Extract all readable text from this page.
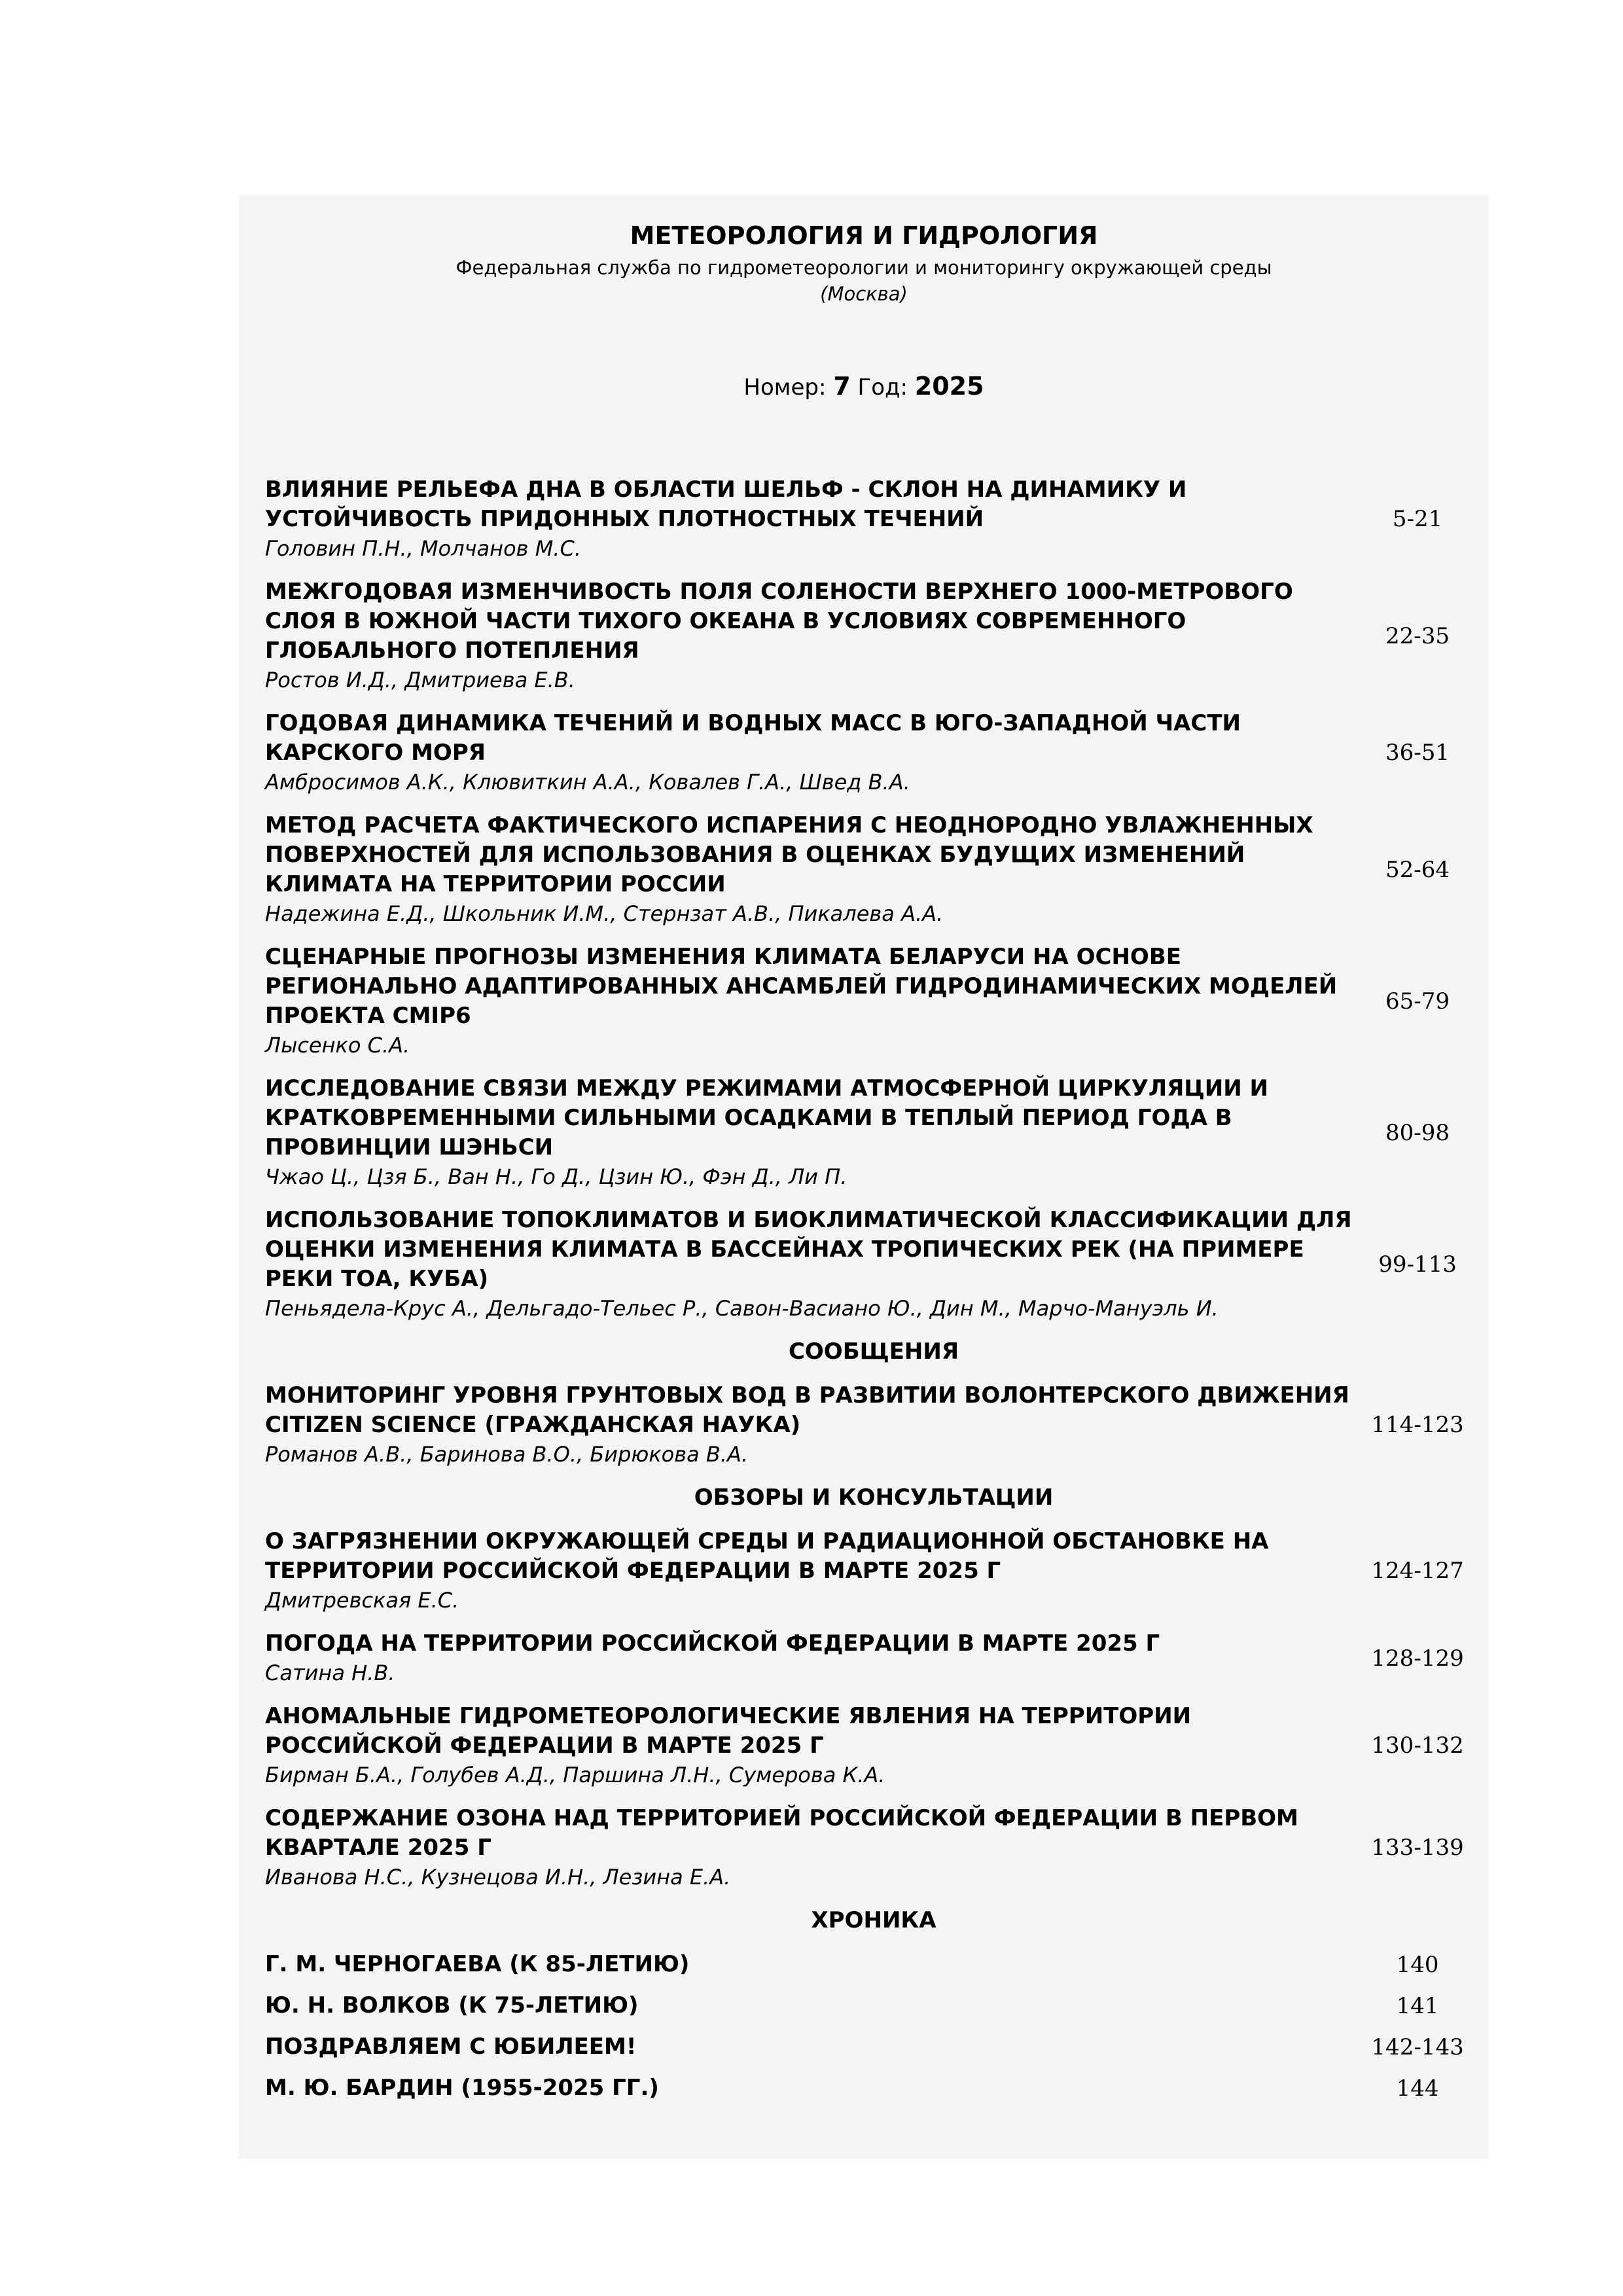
МЕТЕОРОЛОГИЯ И ГИДРОЛОГИЯ
Федеральная служба по гидрометеорологии и мониторингу окружающей среды
(Москва)
Номер: 7 Год: 2025
ВЛИЯНИЕ РЕЛЬЕФА ДНА В ОБЛАСТИ ШЕЛЬФ - СКЛОН НА ДИНАМИКУ И УСТОЙЧИВОСТЬ ПРИДОННЫХ ПЛОТНОСТНЫХ ТЕЧЕНИЙ
Головин П.Н., Молчанов М.С.
5-21
МЕЖГОДОВАЯ ИЗМЕНЧИВОСТЬ ПОЛЯ СОЛЕНОСТИ ВЕРХНЕГО 1000-МЕТРОВОГО СЛОЯ В ЮЖНОЙ ЧАСТИ ТИХОГО ОКЕАНА В УСЛОВИЯХ СОВРЕМЕННОГО ГЛОБАЛЬНОГО ПОТЕПЛЕНИЯ
Ростов И.Д., Дмитриева Е.В.
22-35
ГОДОВАЯ ДИНАМИКА ТЕЧЕНИЙ И ВОДНЫХ МАСС В ЮГО-ЗАПАДНОЙ ЧАСТИ КАРСКОГО МОРЯ
Амбросимов А.К., Клювиткин А.А., Ковалев Г.А., Швед В.А.
36-51
МЕТОД РАСЧЕТА ФАКТИЧЕСКОГО ИСПАРЕНИЯ С НЕОДНОРОДНО УВЛАЖНЕННЫХ ПОВЕРХНОСТЕЙ ДЛЯ ИСПОЛЬЗОВАНИЯ В ОЦЕНКАХ БУДУЩИХ ИЗМЕНЕНИЙ КЛИМАТА НА ТЕРРИТОРИИ РОССИИ
Надежина Е.Д., Школьник И.М., Стернзат А.В., Пикалева А.А.
52-64
СЦЕНАРНЫЕ ПРОГНОЗЫ ИЗМЕНЕНИЯ КЛИМАТА БЕЛАРУСИ НА ОСНОВЕ РЕГИОНАЛЬНО АДАПТИРОВАННЫХ АНСАМБЛЕЙ ГИДРОДИНАМИЧЕСКИХ МОДЕЛЕЙ ПРОЕКТА CMIP6
Лысенко С.А.
65-79
ИССЛЕДОВАНИЕ СВЯЗИ МЕЖДУ РЕЖИМАМИ АТМОСФЕРНОЙ ЦИРКУЛЯЦИИ И КРАТКОВРЕМЕННЫМИ СИЛЬНЫМИ ОСАДКАМИ В ТЕПЛЫЙ ПЕРИОД ГОДА В ПРОВИНЦИИ ШЭНЬСИ
Чжао Ц., Цзя Б., Ван Н., Го Д., Цзин Ю., Фэн Д., Ли П.
80-98
ИСПОЛЬЗОВАНИЕ ТОПОКЛИМАТОВ И БИОКЛИМАТИЧЕСКОЙ КЛАССИФИКАЦИИ ДЛЯ ОЦЕНКИ ИЗМЕНЕНИЯ КЛИМАТА В БАССЕЙНАХ ТРОПИЧЕСКИХ РЕК (НА ПРИМЕРЕ РЕКИ ТОА, КУБА)
Пеньядела-Крус А., Дельгадо-Тельес Р., Савон-Васиано Ю., Дин М., Марчо-Мануэль И.
99-113
СООБЩЕНИЯ
МОНИТОРИНГ УРОВНЯ ГРУНТОВЫХ ВОД В РАЗВИТИИ ВОЛОНТЕРСКОГО ДВИЖЕНИЯ CITIZEN SCIENCE (ГРАЖДАНСКАЯ НАУКА)
Романов А.В., Баринова В.О., Бирюкова В.А.
114-123
ОБЗОРЫ И КОНСУЛЬТАЦИИ
О ЗАГРЯЗНЕНИИ ОКРУЖАЮЩЕЙ СРЕДЫ И РАДИАЦИОННОЙ ОБСТАНОВКЕ НА ТЕРРИТОРИИ РОССИЙСКОЙ ФЕДЕРАЦИИ В МАРТЕ 2025 Г
Дмитревская Е.С.
124-127
ПОГОДА НА ТЕРРИТОРИИ РОССИЙСКОЙ ФЕДЕРАЦИИ В МАРТЕ 2025 Г
Сатина Н.В.
128-129
АНОМАЛЬНЫЕ ГИДРОМЕТЕОРОЛОГИЧЕСКИЕ ЯВЛЕНИЯ НА ТЕРРИТОРИИ РОССИЙСКОЙ ФЕДЕРАЦИИ В МАРТЕ 2025 Г
Бирман Б.А., Голубев А.Д., Паршина Л.Н., Сумерова К.А.
130-132
СОДЕРЖАНИЕ ОЗОНА НАД ТЕРРИТОРИЕЙ РОССИЙСКОЙ ФЕДЕРАЦИИ В ПЕРВОМ КВАРТАЛЕ 2025 Г
Иванова Н.С., Кузнецова И.Н., Лезина Е.А.
133-139
ХРОНИКА
Г. М. ЧЕРНОГАЕВА (К 85-ЛЕТИЮ)	140
Ю. Н. ВОЛКОВ (К 75-ЛЕТИЮ)	141
ПОЗДРАВЛЯЕМ С ЮБИЛЕЕМ!	142-143
М. Ю. БАРДИН (1955-2025 ГГ.)	144
